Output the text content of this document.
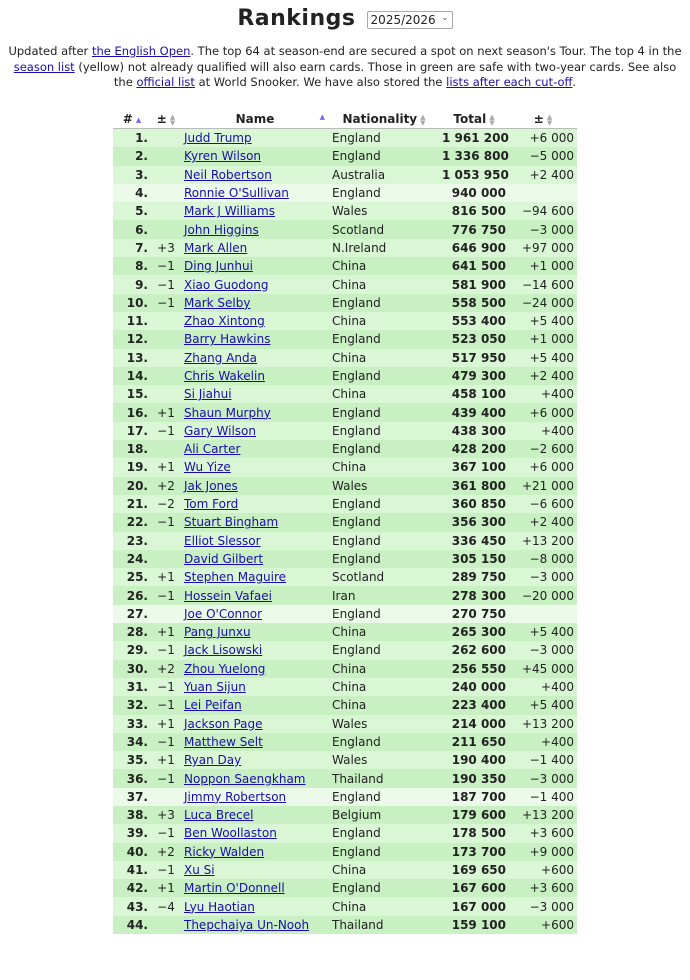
Rankings 2025/2026 ⌄
Updated after the English Open. The top 64 at season-end are secured a spot on next season's Tour. The top 4 in the season list (yellow) not already qualified will also earn cards. Those in green are safe with two-year cards. See also the official list at World Snooker. We have also stored the lists after each cut-off.
# ▲	± ▲
▼	Name ▲	Nationality ▲
▼	Total ▲
▼	± ▲
▼
1.		Judd Trump	England	1 961 200	+6 000
2.		Kyren Wilson	England	1 336 800	−5 000
3.		Neil Robertson	Australia	1 053 950	+2 400
4.		Ronnie O'Sullivan	England	940 000	
5.		Mark J Williams	Wales	816 500	−94 600
6.		John Higgins	Scotland	776 750	−3 000
7.	+3	Mark Allen	N.Ireland	646 900	+97 000
8.	−1	Ding Junhui	China	641 500	+1 000
9.	−1	Xiao Guodong	China	581 900	−14 600
10.	−1	Mark Selby	England	558 500	−24 000
11.		Zhao Xintong	China	553 400	+5 400
12.		Barry Hawkins	England	523 050	+1 000
13.		Zhang Anda	China	517 950	+5 400
14.		Chris Wakelin	England	479 300	+2 400
15.		Si Jiahui	China	458 100	+400
16.	+1	Shaun Murphy	England	439 400	+6 000
17.	−1	Gary Wilson	England	438 300	+400
18.		Ali Carter	England	428 200	−2 600
19.	+1	Wu Yize	China	367 100	+6 000
20.	+2	Jak Jones	Wales	361 800	+21 000
21.	−2	Tom Ford	England	360 850	−6 600
22.	−1	Stuart Bingham	England	356 300	+2 400
23.		Elliot Slessor	England	336 450	+13 200
24.		David Gilbert	England	305 150	−8 000
25.	+1	Stephen Maguire	Scotland	289 750	−3 000
26.	−1	Hossein Vafaei	Iran	278 300	−20 000
27.		Joe O'Connor	England	270 750	
28.	+1	Pang Junxu	China	265 300	+5 400
29.	−1	Jack Lisowski	England	262 600	−3 000
30.	+2	Zhou Yuelong	China	256 550	+45 000
31.	−1	Yuan Sijun	China	240 000	+400
32.	−1	Lei Peifan	China	223 400	+5 400
33.	+1	Jackson Page	Wales	214 000	+13 200
34.	−1	Matthew Selt	England	211 650	+400
35.	+1	Ryan Day	Wales	190 400	−1 400
36.	−1	Noppon Saengkham	Thailand	190 350	−3 000
37.		Jimmy Robertson	England	187 700	−1 400
38.	+3	Luca Brecel	Belgium	179 600	+13 200
39.	−1	Ben Woollaston	England	178 500	+3 600
40.	+2	Ricky Walden	England	173 700	+9 000
41.	−1	Xu Si	China	169 650	+600
42.	+1	Martin O'Donnell	England	167 600	+3 600
43.	−4	Lyu Haotian	China	167 000	−3 000
44.		Thepchaiya Un-Nooh	Thailand	159 100	+600
